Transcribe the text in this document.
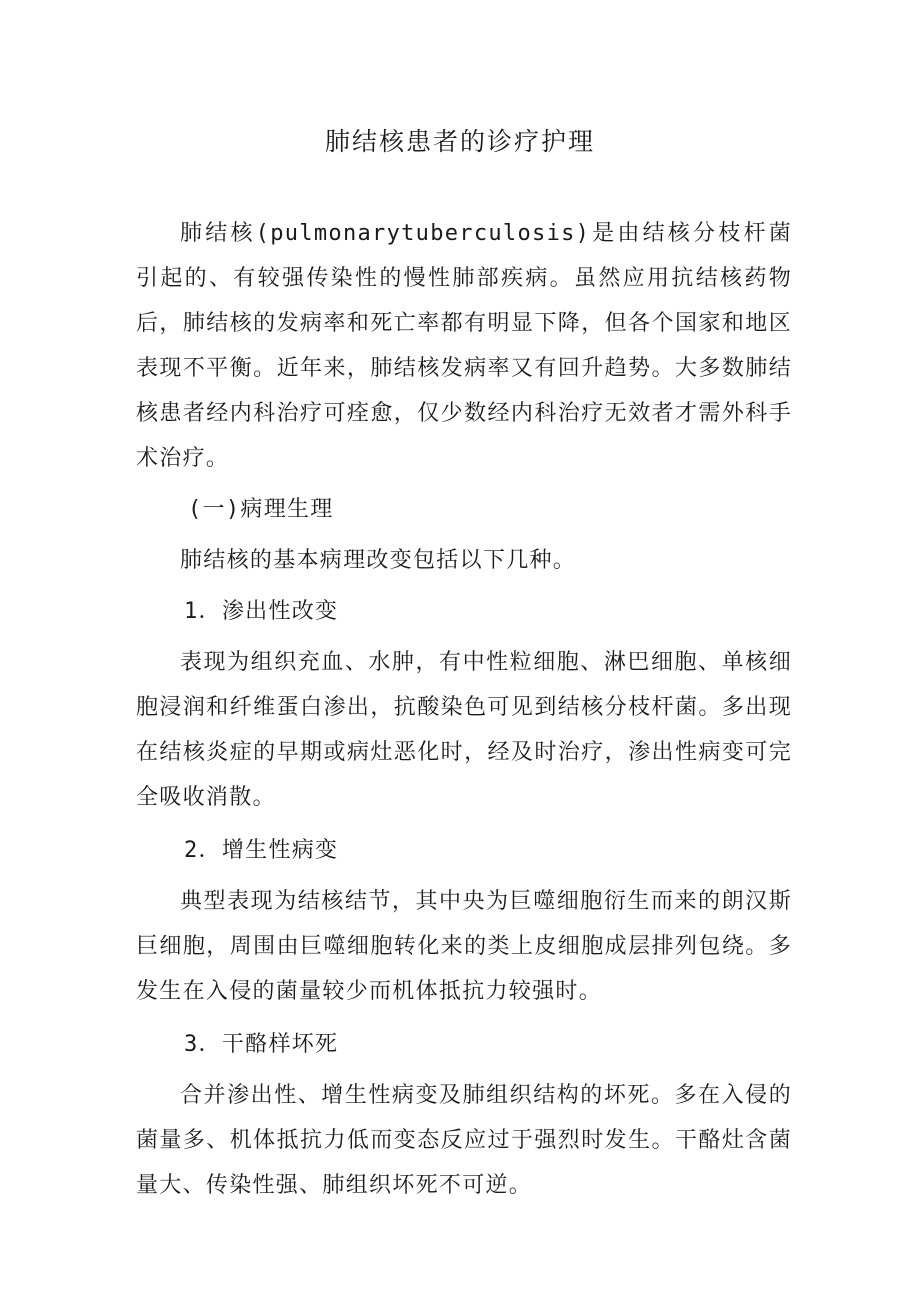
肺结核患者的诊疗护理

肺结核(pulmonarytuberculosis)是由结核分枝杆菌引起的、有较强传染性的慢性肺部疾病。虽然应用抗结核药物后，肺结核的发病率和死亡率都有明显下降，但各个国家和地区表现不平衡。近年来，肺结核发病率又有回升趋势。大多数肺结核患者经内科治疗可痊愈，仅少数经内科治疗无效者才需外科手术治疗。

(一)病理生理

肺结核的基本病理改变包括以下几种。

1．渗出性改变

表现为组织充血、水肿，有中性粒细胞、淋巴细胞、单核细胞浸润和纤维蛋白渗出，抗酸染色可见到结核分枝杆菌。多出现在结核炎症的早期或病灶恶化时，经及时治疗，渗出性病变可完全吸收消散。

2．增生性病变

典型表现为结核结节，其中央为巨噬细胞衍生而来的朗汉斯巨细胞，周围由巨噬细胞转化来的类上皮细胞成层排列包绕。多发生在入侵的菌量较少而机体抵抗力较强时。

3．干酪样坏死

合并渗出性、增生性病变及肺组织结构的坏死。多在入侵的菌量多、机体抵抗力低而变态反应过于强烈时发生。干酪灶含菌量大、传染性强、肺组织坏死不可逆。
